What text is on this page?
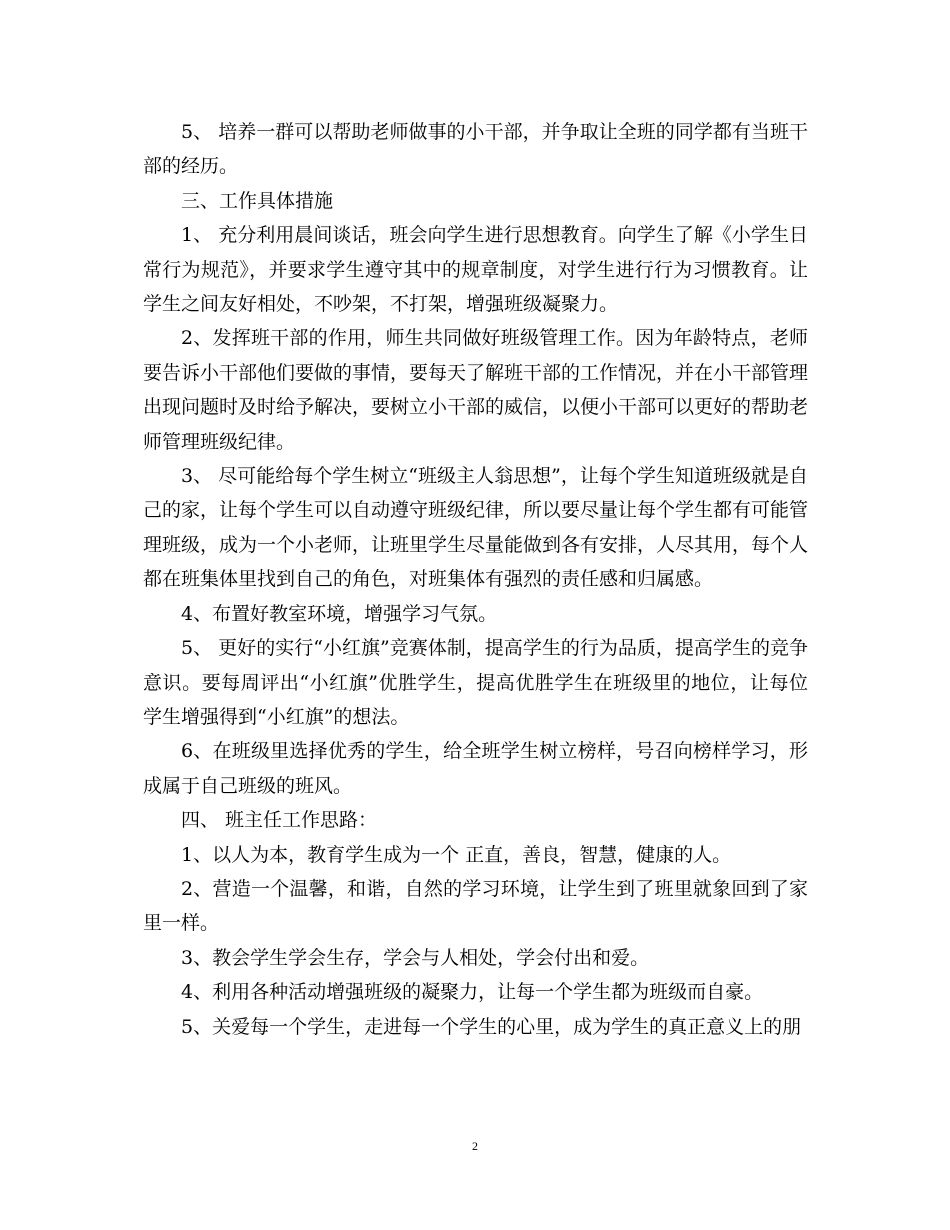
5、 培养一群可以帮助老师做事的小干部，并争取让全班的同学都有当班干部的经历。

三、工作具体措施

1、 充分利用晨间谈话，班会向学生进行思想教育。向学生了解《小学生日常行为规范》，并要求学生遵守其中的规章制度，对学生进行行为习惯教育。让学生之间友好相处，不吵架，不打架，增强班级凝聚力。

2、发挥班干部的作用，师生共同做好班级管理工作。因为年龄特点，老师要告诉小干部他们要做的事情，要每天了解班干部的工作情况，并在小干部管理出现问题时及时给予解决，要树立小干部的威信，以便小干部可以更好的帮助老师管理班级纪律。

3、 尽可能给每个学生树立“班级主人翁思想”，让每个学生知道班级就是自己的家，让每个学生可以自动遵守班级纪律，所以要尽量让每个学生都有可能管理班级，成为一个小老师，让班里学生尽量能做到各有安排，人尽其用，每个人都在班集体里找到自己的角色，对班集体有强烈的责任感和归属感。

4、布置好教室环境，增强学习气氛。

5、 更好的实行“小红旗”竞赛体制，提高学生的行为品质，提高学生的竞争意识。要每周评出“小红旗”优胜学生，提高优胜学生在班级里的地位，让每位学生增强得到“小红旗”的想法。

6、在班级里选择优秀的学生，给全班学生树立榜样，号召向榜样学习，形成属于自己班级的班风。

四、 班主任工作思路：

1、以人为本，教育学生成为一个 正直，善良，智慧，健康的人。

2、营造一个温馨，和谐，自然的学习环境，让学生到了班里就象回到了家里一样。

3、教会学生学会生存，学会与人相处，学会付出和爱。

4、利用各种活动增强班级的凝聚力，让每一个学生都为班级而自豪。

5、关爱每一个学生，走进每一个学生的心里，成为学生的真正意义上的朋

2
